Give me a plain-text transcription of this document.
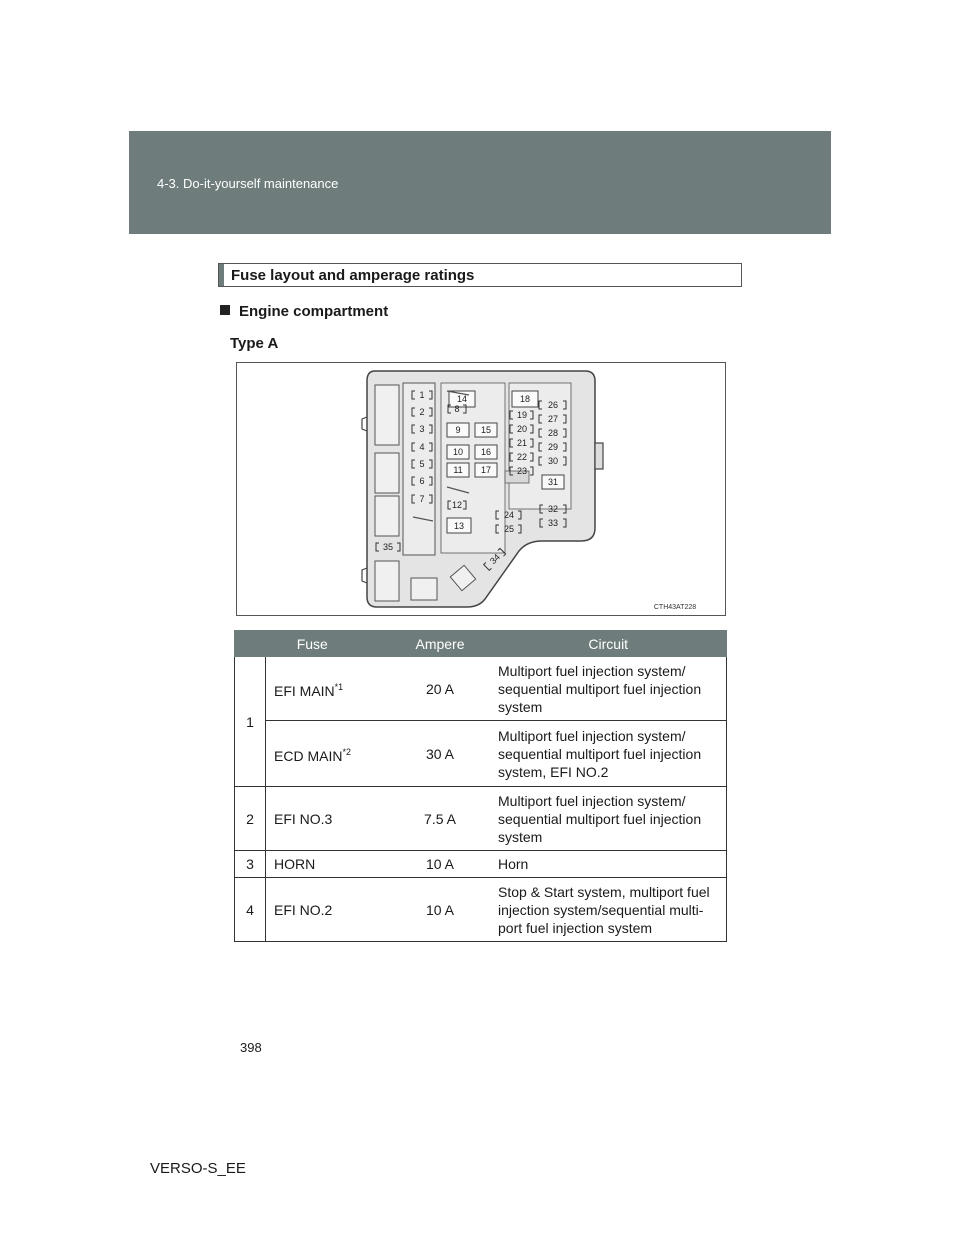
4-3. Do-it-yourself maintenance
Fuse layout and amperage ratings
Engine compartment
Type A
14	18
9 15
10 16
11 17
13
31
1
2
3
4
5
6
7
8
12
19
20
21
22
23
24
25
26
27
28
29
30
32
33
35
34
CTH43AT228
Fuse		Ampere	Circuit
1	EFI MAIN$^{*1}$	20 A	Multiport fuel injection system/
sequential multiport fuel injection
system

	ECD MAIN$^{*2}$	30 A	Multiport fuel injection system/
sequential multiport fuel injection
system, EFI NO.2

2	EFI NO.3	7.5 A	Multiport fuel injection system/
sequential multiport fuel injection
system

3	HORN	10 A	Horn

4	EFI NO.2	10 A	Stop & Start system, multiport fuel
injection system/sequential multi-
port fuel injection system
398
VERSO-S_EE
